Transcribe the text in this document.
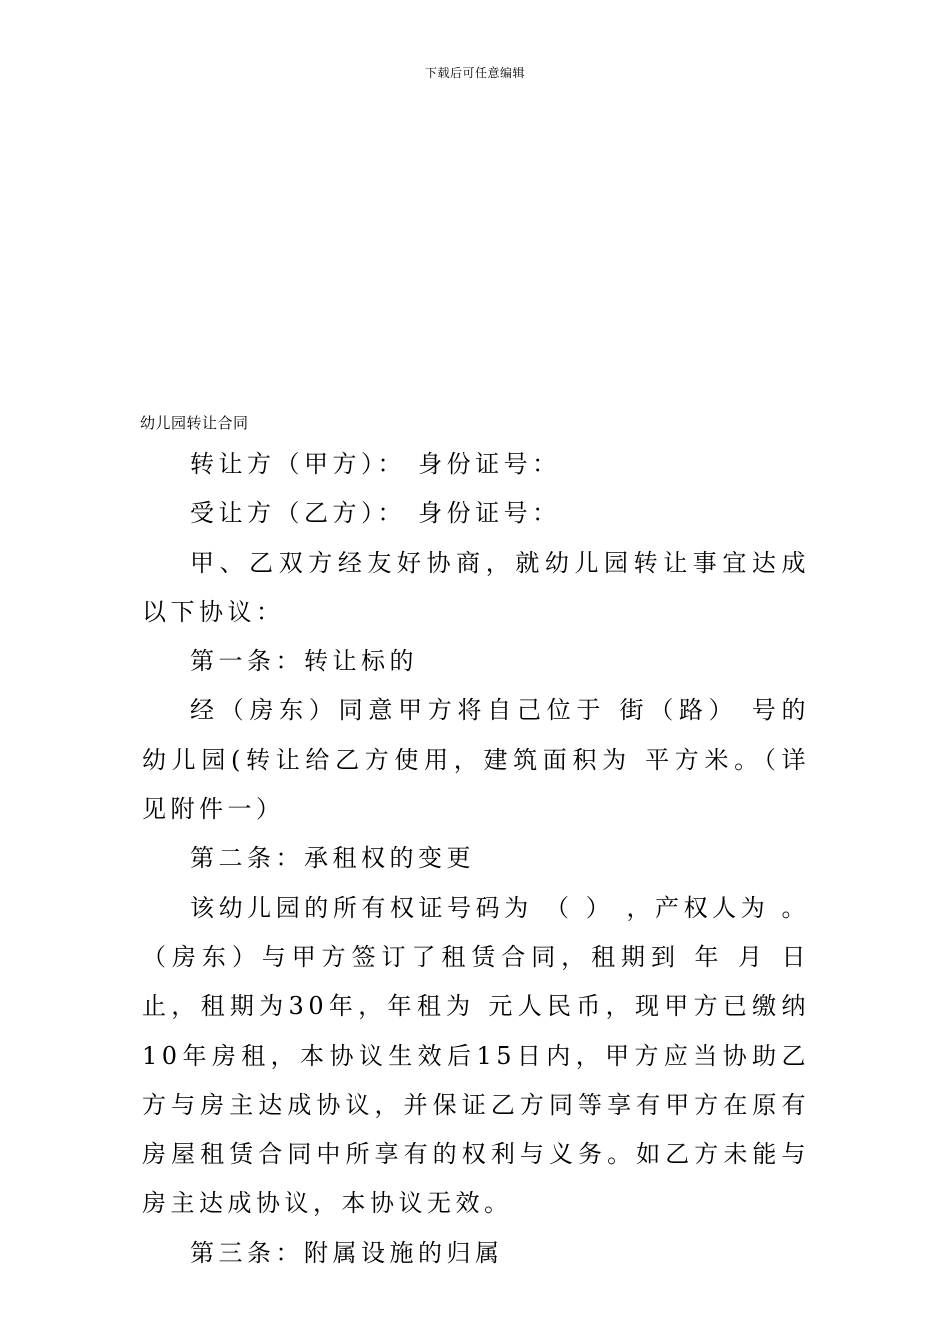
下载后可任意编辑
幼儿园转让合同

转让方（甲方）： 身份证号：

受让方（乙方）： 身份证号：

甲、乙双方经友好协商，就幼儿园转让事宜达成以下协议：

第一条：转让标的

经（房东）同意甲方将自己位于 街（路） 号的幼儿园(转让给乙方使用，建筑面积为 平方米。（详见附件一）

第二条：承租权的变更

该幼儿园的所有权证号码为 （ ） ，产权人为 。（房东）与甲方签订了租赁合同，租期到 年 月 日止，租期为30年，年租为 元人民币，现甲方已缴纳10年房租，本协议生效后15日内，甲方应当协助乙方与房主达成协议，并保证乙方同等享有甲方在原有房屋租赁合同中所享有的权利与义务。如乙方未能与房主达成协议，本协议无效。

第三条：附属设施的归属
